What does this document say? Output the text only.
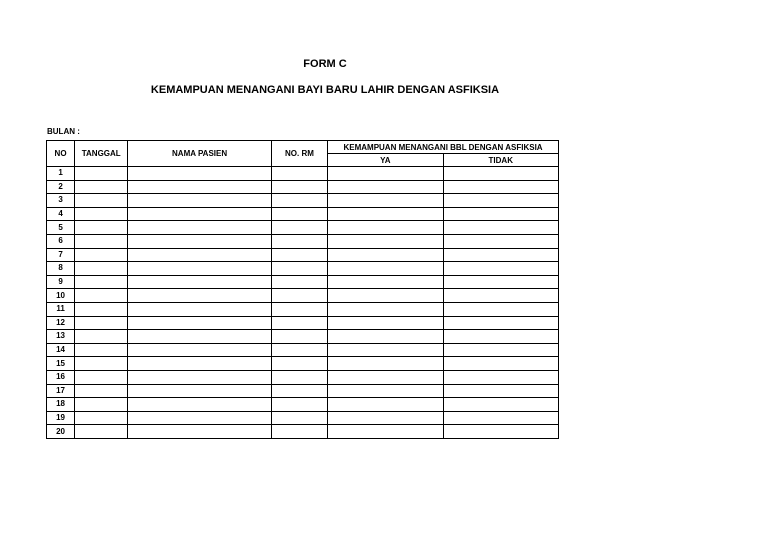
FORM C
KEMAMPUAN MENANGANI BAYI BARU LAHIR DENGAN ASFIKSIA
BULAN :
NO	TANGGAL	NAMA PASIEN	NO. RM	KEMAMPUAN MENANGANI BBL DENGAN ASFIKSIA	
				YA	TIDAK
1					
2					
3					
4					
5					
6					
7					
8					
9					
10					
11					
12					
13					
14					
15					
16					
17					
18					
19					
20					
